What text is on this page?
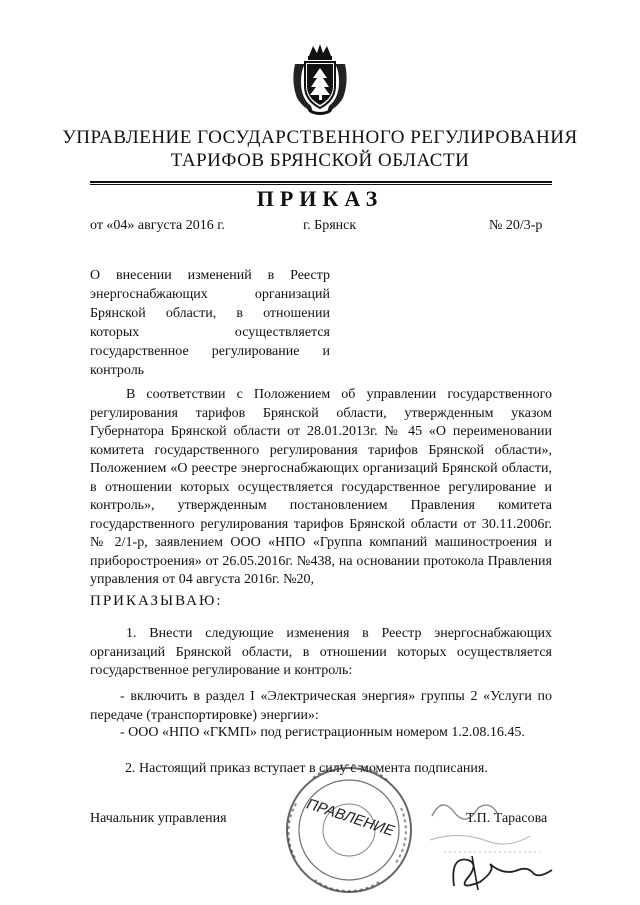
УПРАВЛЕНИЕ ГОСУДАРСТВЕННОГО РЕГУЛИРОВАНИЯ
ТАРИФОВ БРЯНСКОЙ ОБЛАСТИ
ПРИКАЗ
от «04» августа 2016 г.	г. Брянск	№ 20/3-р
О внесении изменений в Реестр энергоснабжающих организаций Брянской области, в отношении которых осуществляется государственное регулирование и контроль
В соответствии с Положением об управлении государственного регулирования тарифов Брянской области, утвержденным указом Губернатора Брянской области от 28.01.2013г. № 45 «О переименовании комитета государственного регулирования тарифов Брянской области», Положением «О реестре энергоснабжающих организаций Брянской области, в отношении которых осуществляется государственное регулирование и контроль», утвержденным постановлением Правления комитета государственного регулирования тарифов Брянской области от 30.11.2006г. № 2/1-р, заявлением ООО «НПО «Группа компаний машиностроения и приборостроения» от 26.05.2016г. №438, на основании протокола Правления управления от 04 августа 2016г. №20,
ПРИКАЗЫВАЮ:
1. Внести следующие изменения в Реестр энергоснабжающих организаций Брянской области, в отношении которых осуществляется государственное регулирование и контроль:
- включить в раздел I «Электрическая энергия» группы 2 «Услуги по передаче (транспортировке) энергии»:
- ООО «НПО «ГКМП» под регистрационным номером 1.2.08.16.45.
2. Настоящий приказ вступает в силу с момента подписания.
Начальник управления	Т.П. Тарасова
ПРАВЛЕНИЕ
